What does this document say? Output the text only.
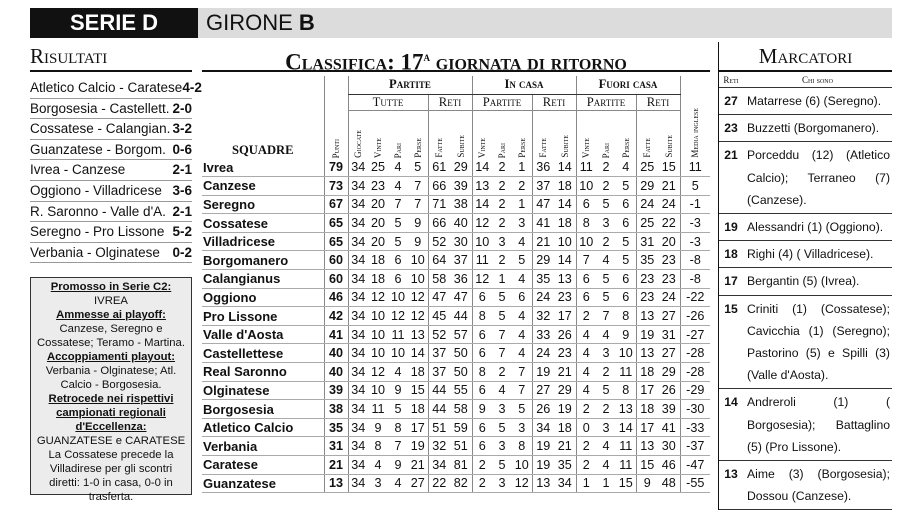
SERIE D	GIRONE B
Risultati
Atletico Calcio - Caratese 4-2
Borgosesia - Castellett. 2-0
Cossatese - Calangian. 3-2
Guanzatese - Borgom. 0-6
Ivrea - Canzese	2-1
Oggiono - Villadricese 3-6
R. Saronno - Valle d'A. 2-1
Seregno - Pro Lissone 5-2
Verbania - Olginatese 0-2
Promosso in Serie C2:
IVREA
Ammesse ai playoff:
Canzese, Seregno e Cossatese; Teramo - Martina.
Accoppiamenti playout:
Verbania - Olginatese; Atl. Calcio - Borgosesia.
Retrocede nei rispettivi campionati regionali d'Eccellenza:
GUANZATESE e CARATESE
La Cossatese precede la Villadirese per gli scontri diretti: 1-0 in casa, 0-0 in trasferta.
Classifica: 17$^a$ giornata di ritorno
SQUADRE	Punti	Partite						In casa					Fuori casa					Media inglese

		Tutte				Reti		Partite			Reti		Partite			Reti		

		Giocate	Vinte	Pari	Perse	Fatte	Subite	Vinte	Pari	Perse	Fatte	Subite	Vinte	Pari	Perse	Fatte	Subite	

Ivrea	79	34	25	4	5	61	29	14	2	1	36	14	11	2	4	25	15	11
Canzese	73	34	23	4	7	66	39	13	2	2	37	18	10	2	5	29	21	5
Seregno	67	34	20	7	7	71	38	14	2	1	47	14	6	5	6	24	24	-1
Cossatese	65	34	20	5	9	66	40	12	2	3	41	18	8	3	6	25	22	-3
Villadricese	65	34	20	5	9	52	30	10	3	4	21	10	10	2	5	31	20	-3
Borgomanero	60	34	18	6	10	64	37	11	2	5	29	14	7	4	5	35	23	-8
Calangianus	60	34	18	6	10	58	36	12	1	4	35	13	6	5	6	23	23	-8
Oggiono	46	34	12	10	12	47	47	6	5	6	24	23	6	5	6	23	24	-22
Pro Lissone	42	34	10	12	12	45	44	8	5	4	32	17	2	7	8	13	27	-26
Valle d'Aosta	41	34	10	11	13	52	57	6	7	4	33	26	4	4	9	19	31	-27
Castellettese	40	34	10	10	14	37	50	6	7	4	24	23	4	3	10	13	27	-28
Real Saronno	40	34	12	4	18	37	50	8	2	7	19	21	4	2	11	18	29	-28
Olginatese	39	34	10	9	15	44	55	6	4	7	27	29	4	5	8	17	26	-29
Borgosesia	38	34	11	5	18	44	58	9	3	5	26	19	2	2	13	18	39	-30
Atletico Calcio	35	34	9	8	17	51	59	6	5	3	34	18	0	3	14	17	41	-33
Verbania	31	34	8	7	19	32	51	6	3	8	19	21	2	4	11	13	30	-37
Caratese	21	34	4	9	21	34	81	2	5	10	19	35	2	4	11	15	46	-47
Guanzatese	13	34	3	4	27	22	82	2	3	12	13	34	1	1	15	9	48	-55
Marcatori
Reti	Chi sono
27 Matarrese (6) (Seregno).
23 Buzzetti (Borgomanero).
21 Porceddu (12) (Atletico Calcio); Terraneo (7) (Canzese).
19 Alessandri (1) (Oggiono).
18 Righi (4) ( Villadricese).
17 Bergantin (5) (Ivrea).
15 Criniti (1) (Cossatese); Cavicchia (1) (Seregno); Pastorino (5) e Spilli (3) (Valle d'Aosta).
14 Andreroli (1) ( Borgosesia); Battaglino (5) (Pro Lissone).
13 Aime (3) (Borgosesia); Dossou (Canzese).
